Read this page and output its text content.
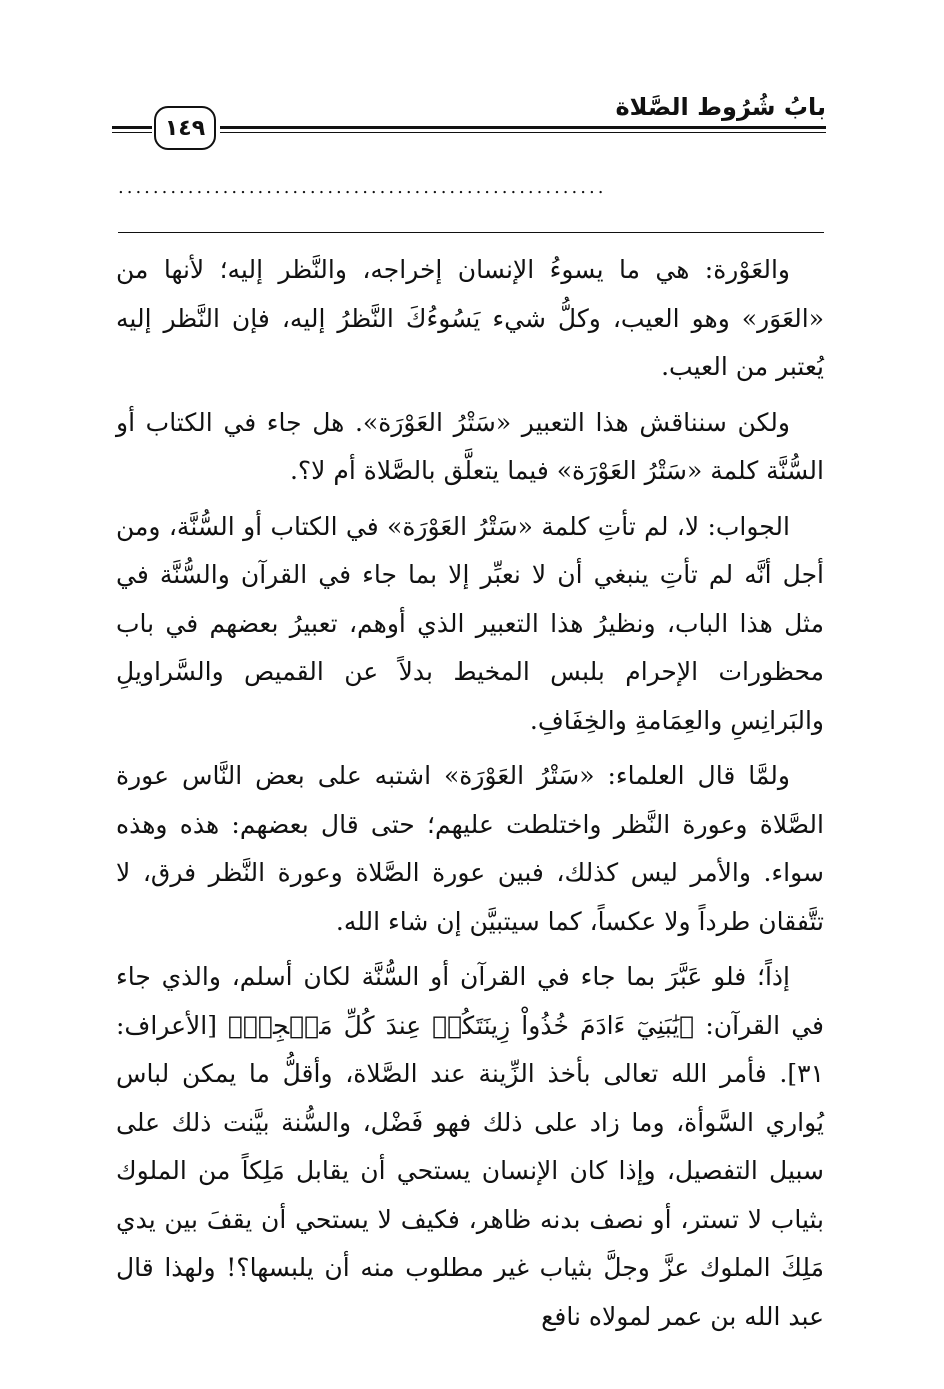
بابُ شُرُوط الصَّلاة
١٤٩
........................................................

والعَوْرة: هي ما يسوءُ الإنسان إخراجه، والنَّظر إليه؛ لأنها من «العَوَر» وهو العيب، وكلُّ شيء يَسُوءُكَ النَّظرُ إليه، فإن النَّظر إليه يُعتبر من العيب.

ولكن سنناقش هذا التعبير «سَتْرُ العَوْرَة». هل جاء في الكتاب أو السُّنَّة كلمة «سَتْرُ العَوْرَة» فيما يتعلَّق بالصَّلاة أم لا؟.

الجواب: لا، لم تأتِ كلمة «سَتْرُ العَوْرَة» في الكتاب أو السُّنَّة، ومن أجل أنَّه لم تأتِ ينبغي أن لا نعبِّر إلا بما جاء في القرآن والسُّنَّة في مثل هذا الباب، ونظيرُ هذا التعبير الذي أوهم، تعبيرُ بعضهم في باب محظورات الإحرام بلبس المخيط بدلاً عن القميص والسَّراويلِ والبَرانِسِ والعِمَامةِ والخِفَافِ.

ولمَّا قال العلماء: «سَتْرُ العَوْرَة» اشتبه على بعض النَّاس عورة الصَّلاة وعورة النَّظر واختلطت عليهم؛ حتى قال بعضهم: هذه وهذه سواء. والأمر ليس كذلك، فبين عورة الصَّلاة وعورة النَّظر فرق، لا تتَّفقان طرداً ولا عكساً، كما سيتبيَّن إن شاء الله.

إذاً؛ فلو عَبَّرَ بما جاء في القرآن أو السُّنَّة لكان أسلم، والذي جاء في القرآن: ﴿يَٰبَنِيٓ ءَادَمَ خُذُواْ زِينَتَكُمۡ عِندَ كُلِّ مَسۡجِدٖ﴾ [الأعراف: ٣١]. فأمر الله تعالى بأخذ الزِّينة عند الصَّلاة، وأقلُّ ما يمكن لباس يُواري السَّوأة، وما زاد على ذلك فهو فَضْل، والسُّنة بيَّنت ذلك على سبيل التفصيل، وإذا كان الإنسان يستحي أن يقابل مَلِكاً من الملوك بثياب لا تستر، أو نصف بدنه ظاهر، فكيف لا يستحي أن يقفَ بين يدي مَلِكَ الملوك عزَّ وجلَّ بثياب غير مطلوب منه أن يلبسها؟! ولهذا قال عبد الله بن عمر لمولاه نافع
